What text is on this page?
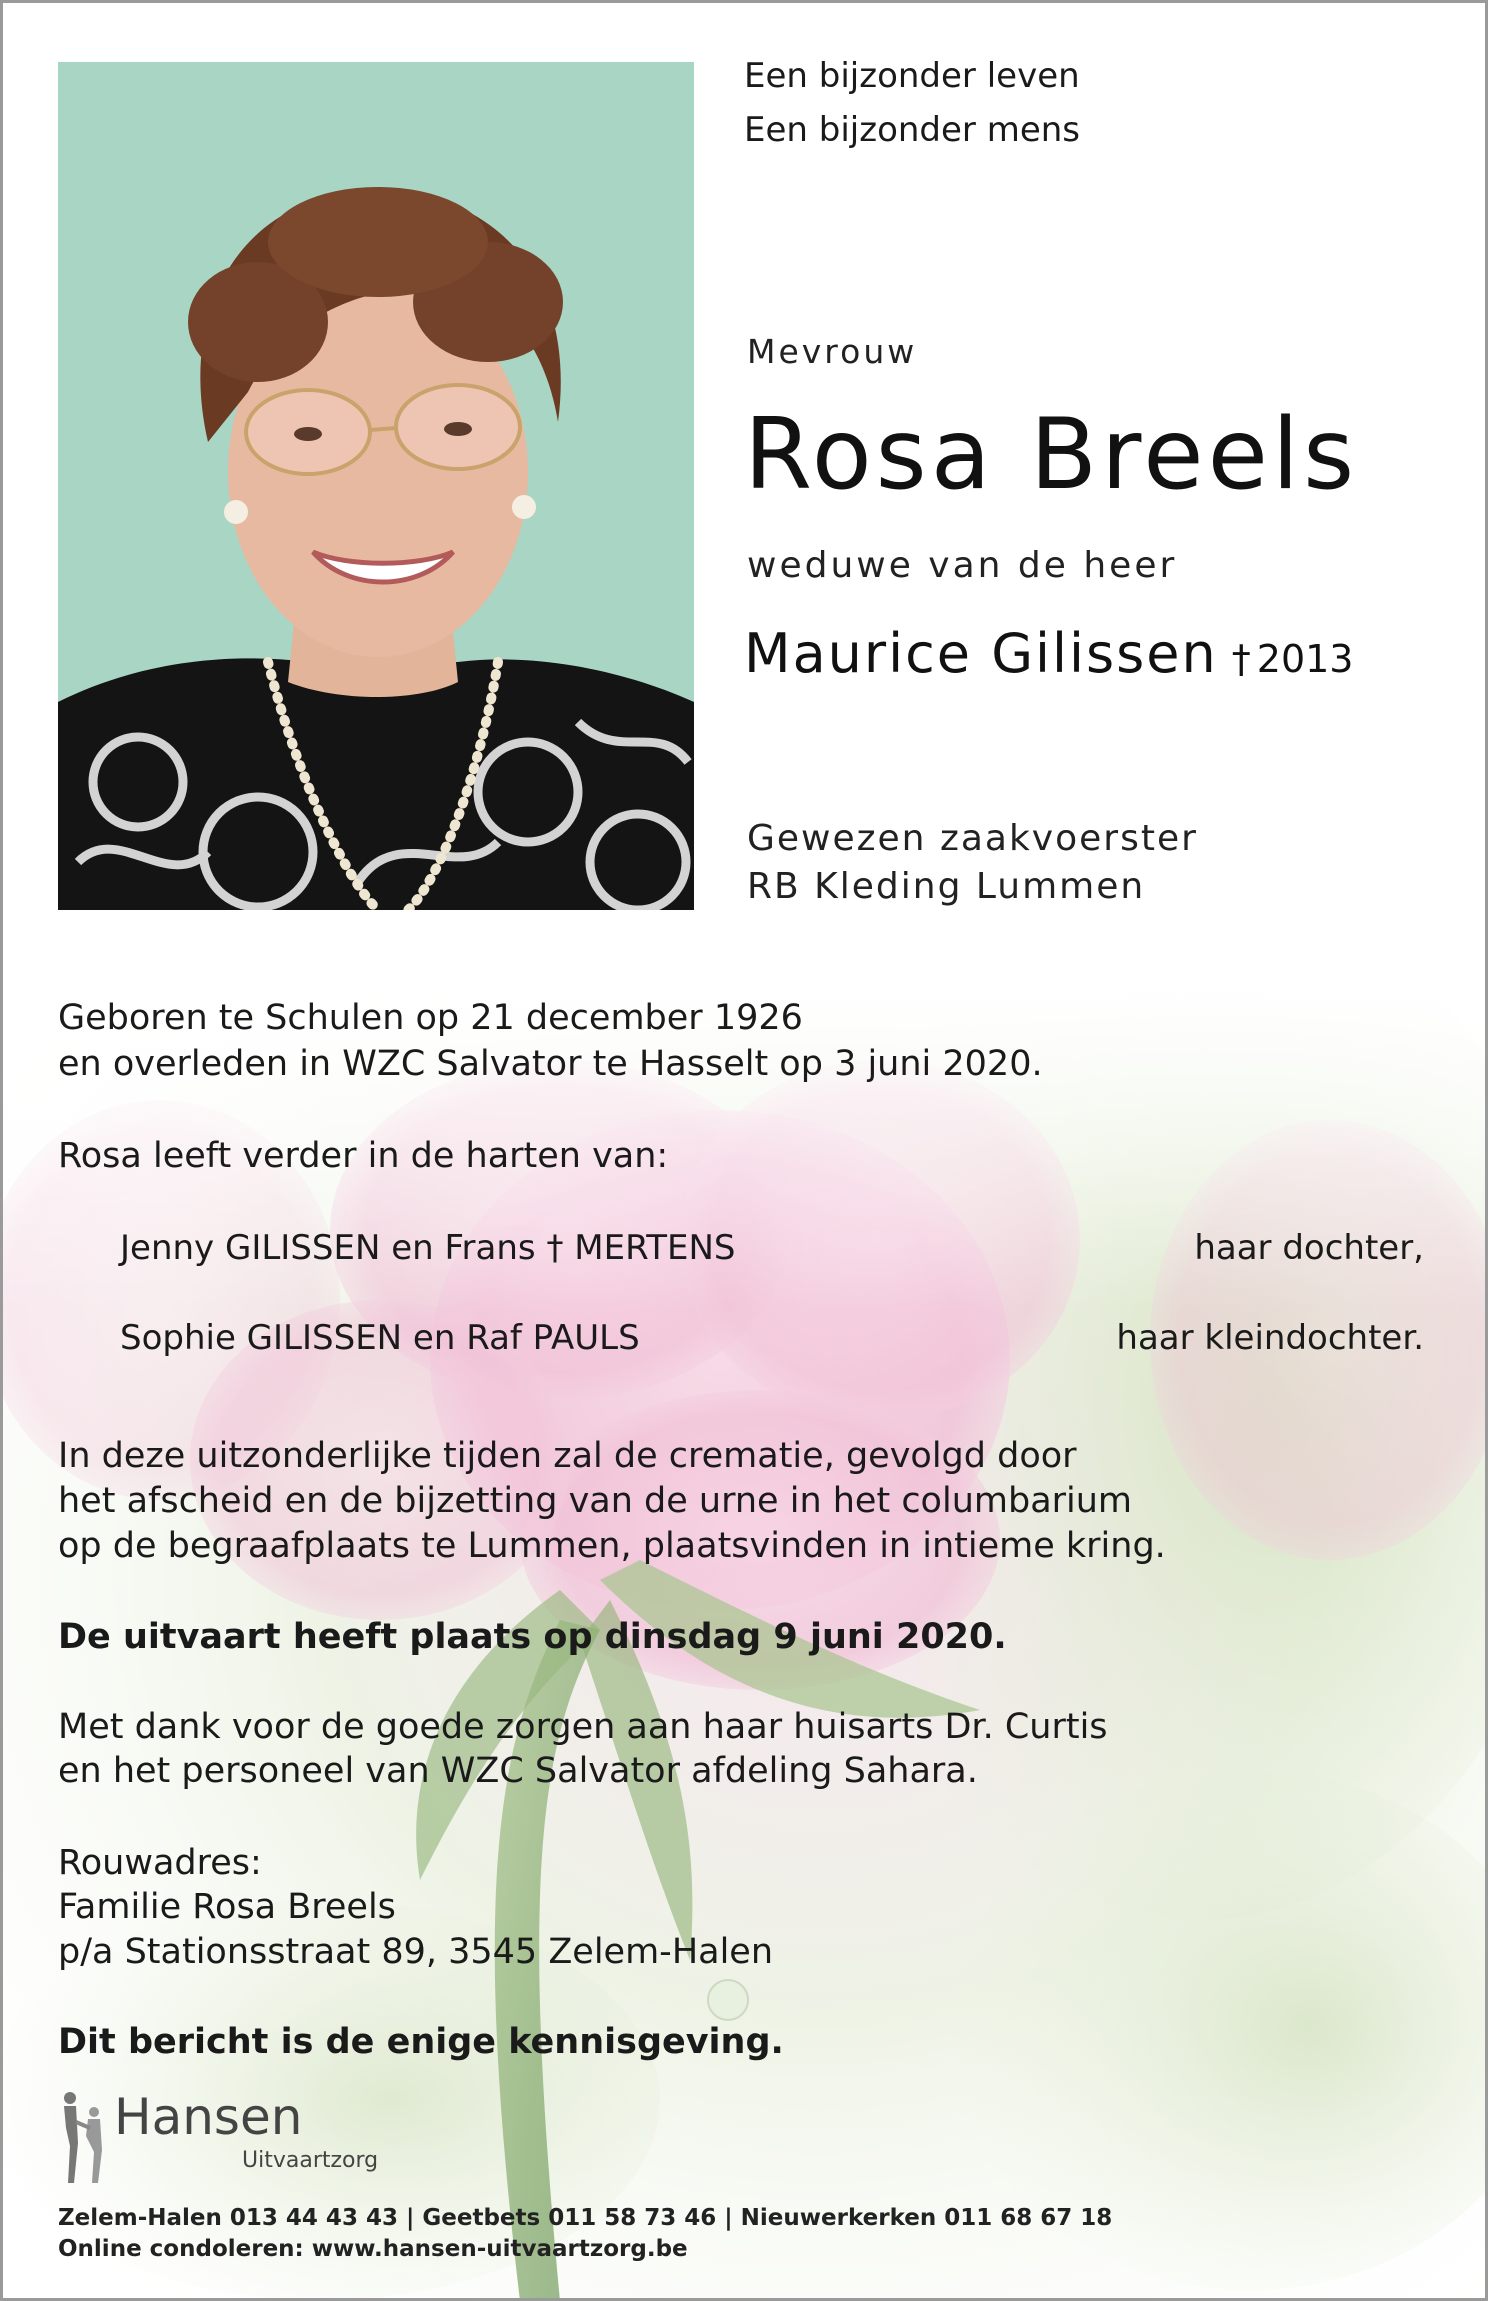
Een bijzonder leven
Een bijzonder mens
Mevrouw
Rosa Breels
weduwe van de heer
Maurice Gilissen † 2013
Gewezen zaakvoerster
RB Kleding Lummen
Geboren te Schulen op 21 december 1926
en overleden in WZC Salvator te Hasselt op 3 juni 2020.
Rosa leeft verder in de harten van:
Jenny GILISSEN en Frans † MERTENS	haar dochter,
Sophie GILISSEN en Raf PAULS	haar kleindochter.
In deze uitzonderlijke tijden zal de crematie, gevolgd door
het afscheid en de bijzetting van de urne in het columbarium
op de begraafplaats te Lummen, plaatsvinden in intieme kring.
De uitvaart heeft plaats op dinsdag 9 juni 2020.
Met dank voor de goede zorgen aan haar huisarts Dr. Curtis
en het personeel van WZC Salvator afdeling Sahara.
Rouwadres:
Familie Rosa Breels
p/a Stationsstraat 89, 3545 Zelem-Halen
Dit bericht is de enige kennisgeving.
Hansen
Uitvaartzorg
Zelem-Halen 013 44 43 43 | Geetbets 011 58 73 46 | Nieuwerkerken 011 68 67 18
Online condoleren: www.hansen-uitvaartzorg.be
